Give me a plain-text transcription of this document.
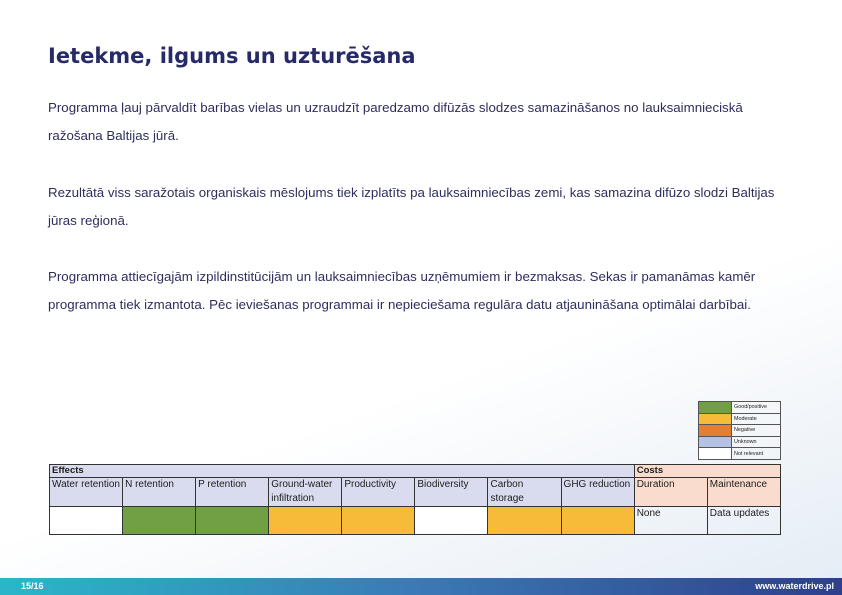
Ietekme, ilgums un uzturēšana

Programma ļauj pārvaldīt barības vielas un uzraudzīt paredzamo difūzās slodzes samazināšanos no lauksaimnieciskā ražošana Baltijas jūrā.

Rezultātā viss saražotais organiskais mēslojums tiek izplatīts pa lauksaimniecības zemi, kas samazina difūzo slodzi Baltijas jūras reģionā.

Programma attiecīgajām izpildinstitūcijām un lauksaimniecības uzņēmumiem ir bezmaksas. Sekas ir pamanāmas kamēr programma tiek izmantota. Pēc ieviešanas programmai ir nepieciešama regulāra datu atjaunināšana optimālai darbībai.

	Good/positive
	Moderate
	Negative
	Unknown
	Not relevant
Effects								Costs	
Water retention	N retention	P retention	Ground-water infiltration	Productivity	Biodiversity	Carbon storage	GHG reduction	Duration	Maintenance
								None	Data updates
15/16	www.waterdrive.pl
